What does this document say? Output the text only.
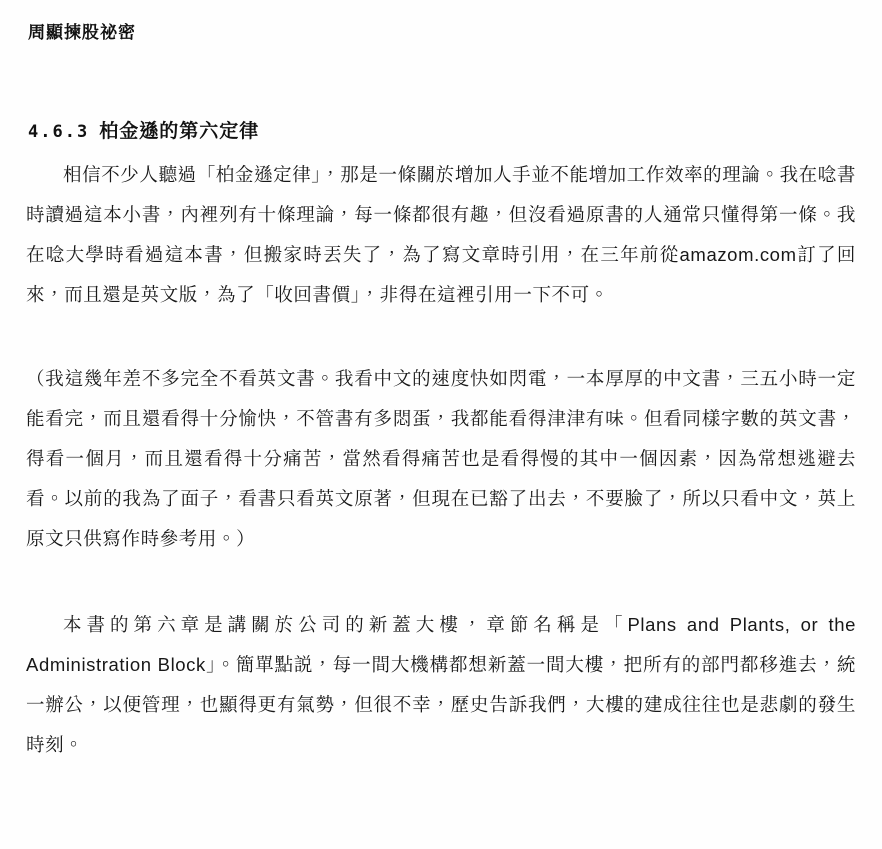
周顯揀股祕密
4.6.3 柏金遜的第六定律

相信不少人聽過「柏金遜定律」，那是一條關於增加人手並不能增加工作效率的理論。我在唸書時讀過這本小書，內裡列有十條理論，每一條都很有趣，但沒看過原書的人通常只懂得第一條。我在唸大學時看過這本書，但搬家時丟失了，為了寫文章時引用，在三年前從amazom.com訂了回來，而且還是英文版，為了「收回書價」，非得在這裡引用一下不可。

（我這幾年差不多完全不看英文書。我看中文的速度快如閃電，一本厚厚的中文書，三五小時一定能看完，而且還看得十分愉快，不管書有多悶蛋，我都能看得津津有味。但看同樣字數的英文書，得看一個月，而且還看得十分痛苦，當然看得痛苦也是看得慢的其中一個因素，因為常想逃避去看。以前的我為了面子，看書只看英文原著，但現在已豁了出去，不要臉了，所以只看中文，英上原文只供寫作時參考用。）

本書的第六章是講關於公司的新蓋大樓，章節名稱是「Plans and Plants, or the Administration Block」。簡單點説，每一間大機構都想新蓋一間大樓，把所有的部門都移進去，統一辦公，以便管理，也顯得更有氣勢，但很不幸，歷史告訴我們，大樓的建成往往也是悲劇的發生時刻。
